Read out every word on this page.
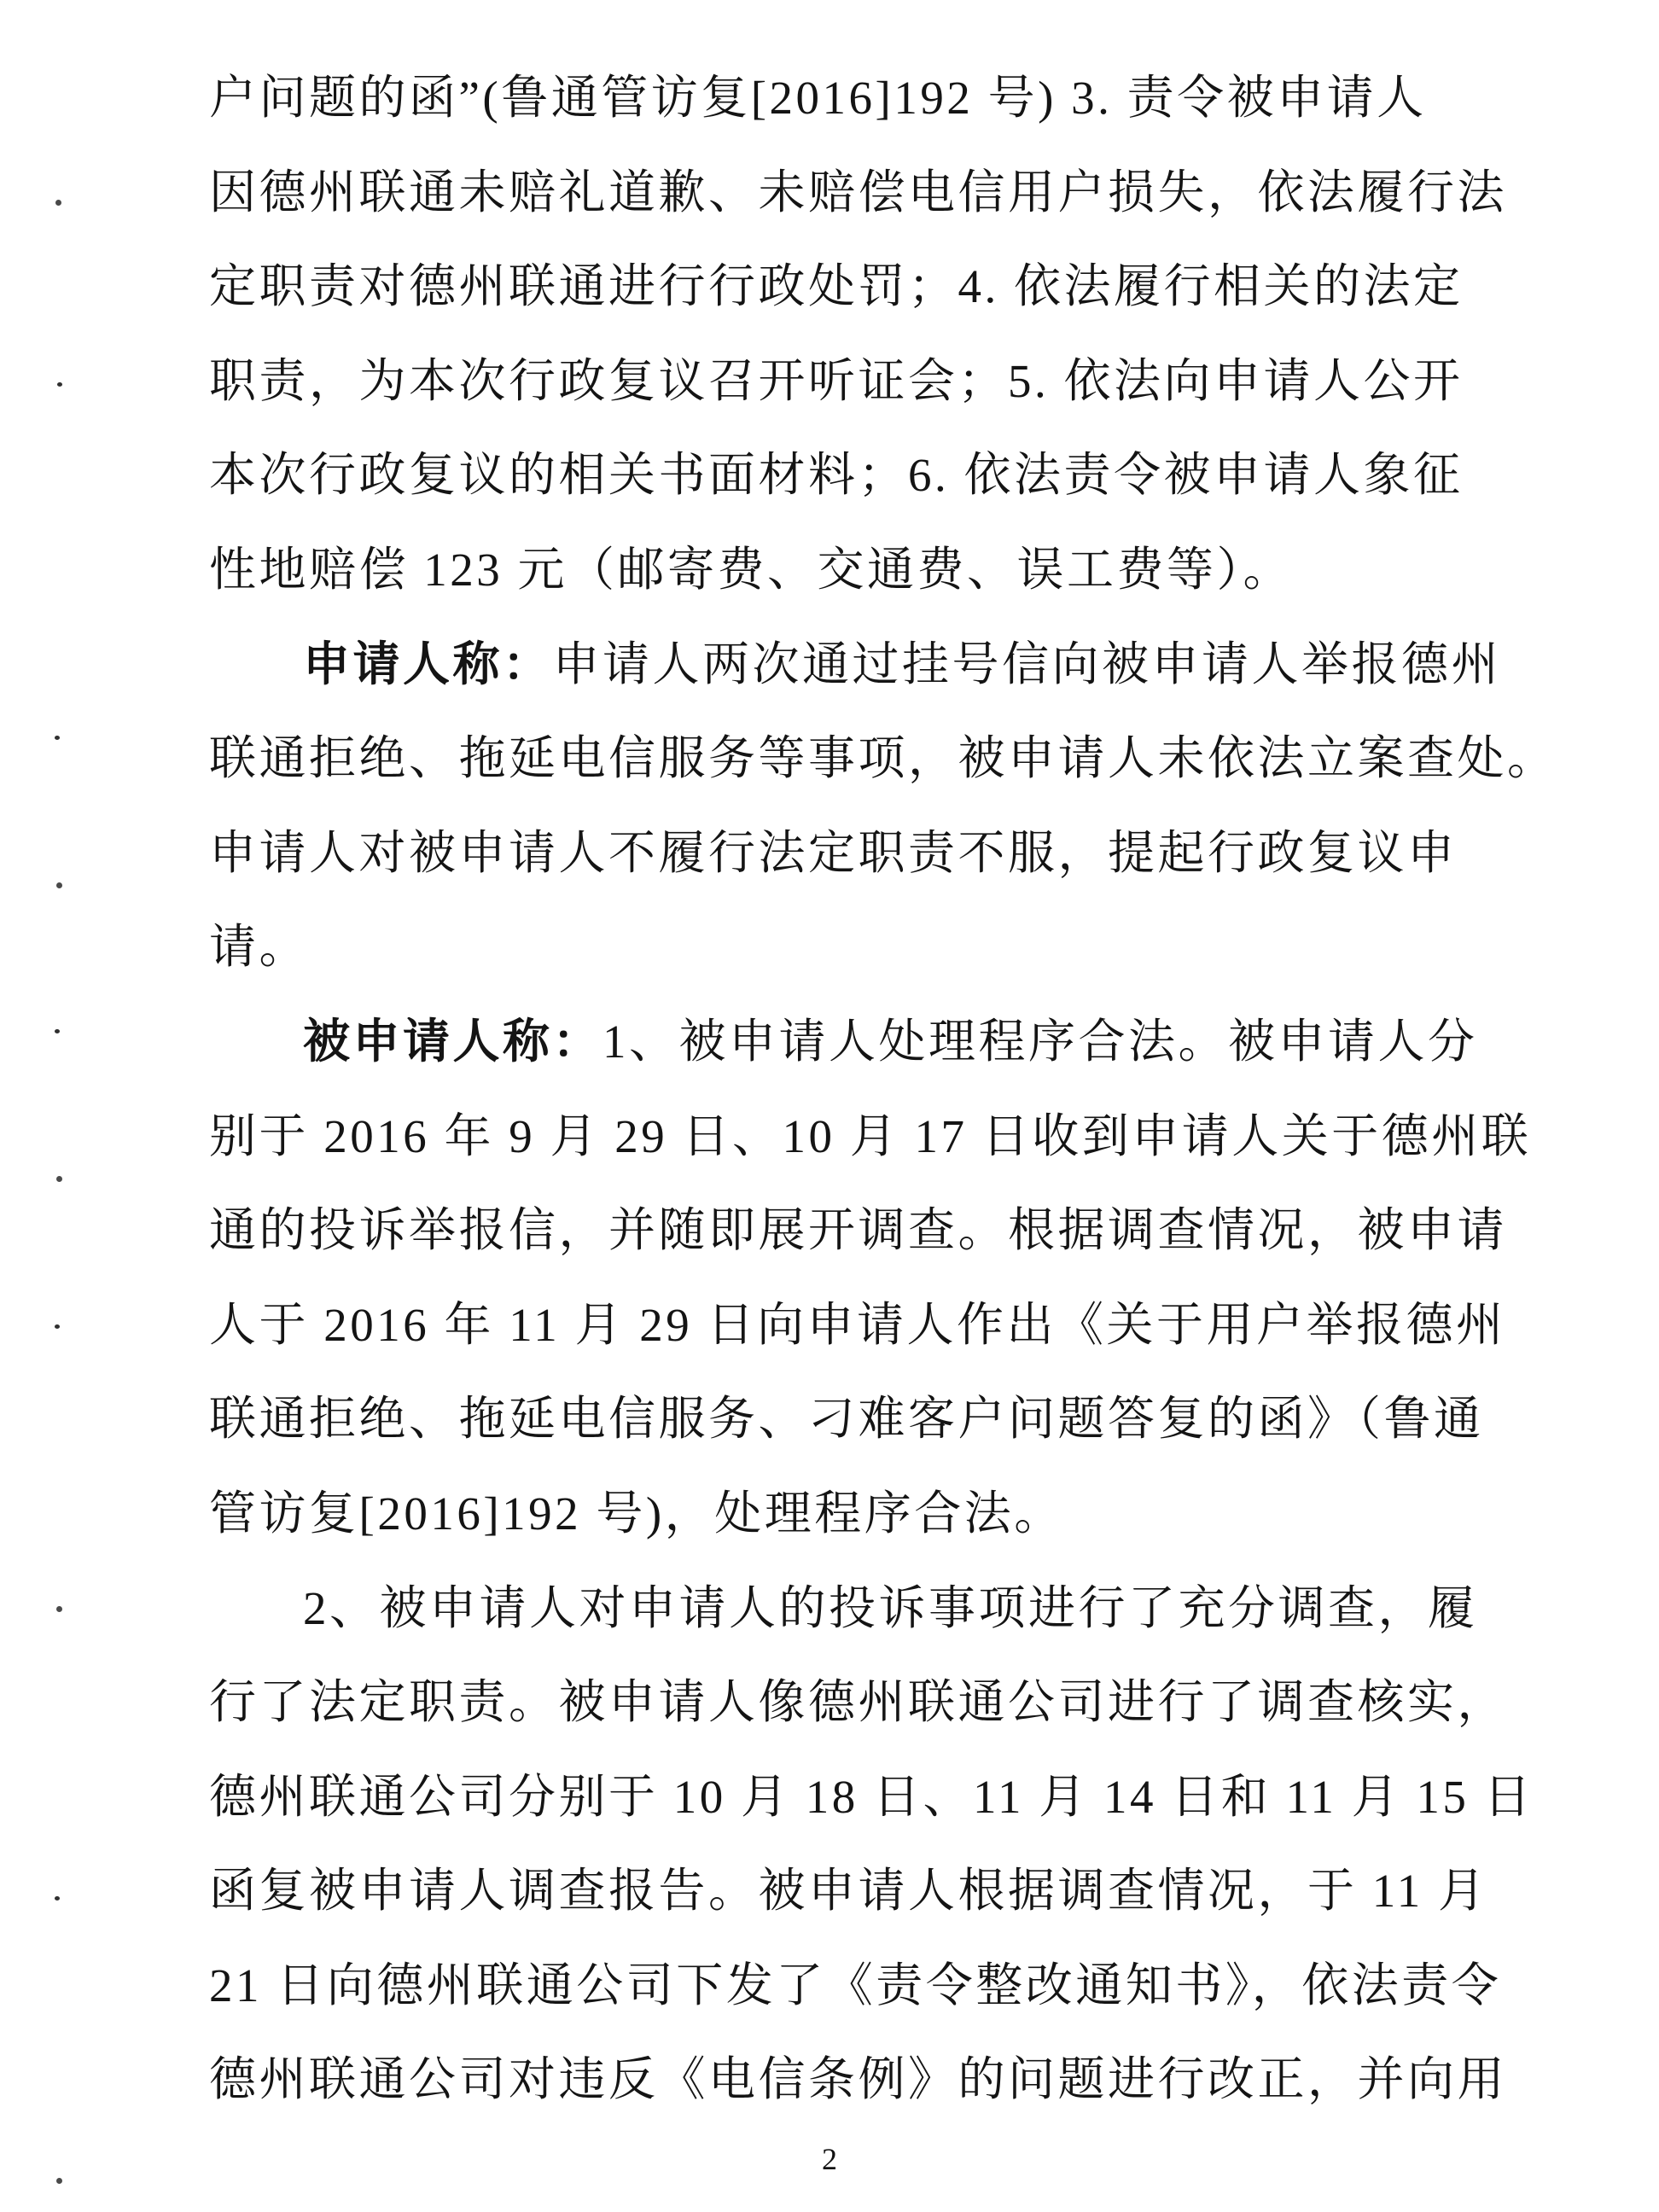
户问题的函”(鲁通管访复[2016]192 号) 3. 责令被申请人
因德州联通未赔礼道歉、未赔偿电信用户损失，依法履行法
定职责对德州联通进行行政处罚；4. 依法履行相关的法定
职责，为本次行政复议召开听证会；5. 依法向申请人公开
本次行政复议的相关书面材料；6. 依法责令被申请人象征
性地赔偿 123 元（邮寄费、交通费、误工费等）。
申请人称：申请人两次通过挂号信向被申请人举报德州
联通拒绝、拖延电信服务等事项，被申请人未依法立案查处。
申请人对被申请人不履行法定职责不服，提起行政复议申
请。
被申请人称：1、被申请人处理程序合法。被申请人分
别于 2016 年 9 月 29 日、10 月 17 日收到申请人关于德州联
通的投诉举报信，并随即展开调查。根据调查情况，被申请
人于 2016 年 11 月 29 日向申请人作出《关于用户举报德州
联通拒绝、拖延电信服务、刁难客户问题答复的函》（鲁通
管访复[2016]192 号)，处理程序合法。
2、被申请人对申请人的投诉事项进行了充分调查，履
行了法定职责。被申请人像德州联通公司进行了调查核实，
德州联通公司分别于 10 月 18 日、11 月 14 日和 11 月 15 日
函复被申请人调查报告。被申请人根据调查情况，于 11 月
21 日向德州联通公司下发了《责令整改通知书》，依法责令
德州联通公司对违反《电信条例》的问题进行改正，并向用
2
